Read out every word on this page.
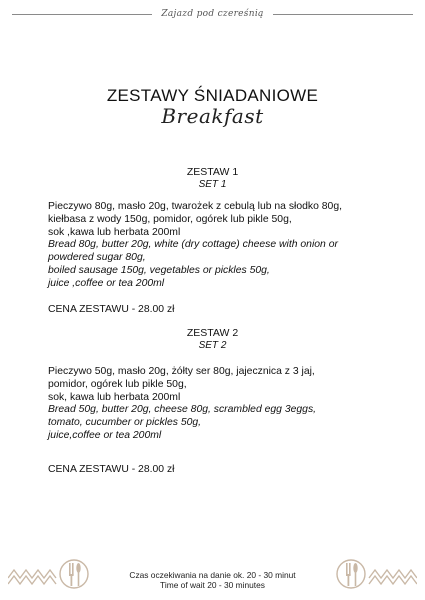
Zajazd pod czereśnią
ZESTAWY ŚNIADANIOWE
Breakfast
ZESTAW 1
SET 1
Pieczywo 80g, masło 20g, twarożek z cebulą lub na słodko 80g,
kiełbasa z wody 150g, pomidor, ogórek lub pikle 50g,
sok ,kawa lub herbata 200ml
Bread 80g, butter 20g, white (dry cottage) cheese with onion or
powdered sugar 80g,
boiled sausage 150g, vegetables or pickles 50g,
juice ,coffee or tea 200ml
CENA ZESTAWU - 28.00 zł
ZESTAW 2
SET 2
Pieczywo 50g, masło 20g, żółty ser 80g, jajecznica z 3 jaj,
pomidor, ogórek lub pikle 50g,
sok, kawa lub herbata 200ml
Bread 50g, butter 20g, cheese 80g, scrambled egg 3eggs,
tomato, cucumber or pickles 50g,
juice,coffee or tea 200ml
CENA ZESTAWU - 28.00 zł
Czas oczekiwania na danie ok. 20 - 30 minut
Time of wait 20 - 30 minutes
